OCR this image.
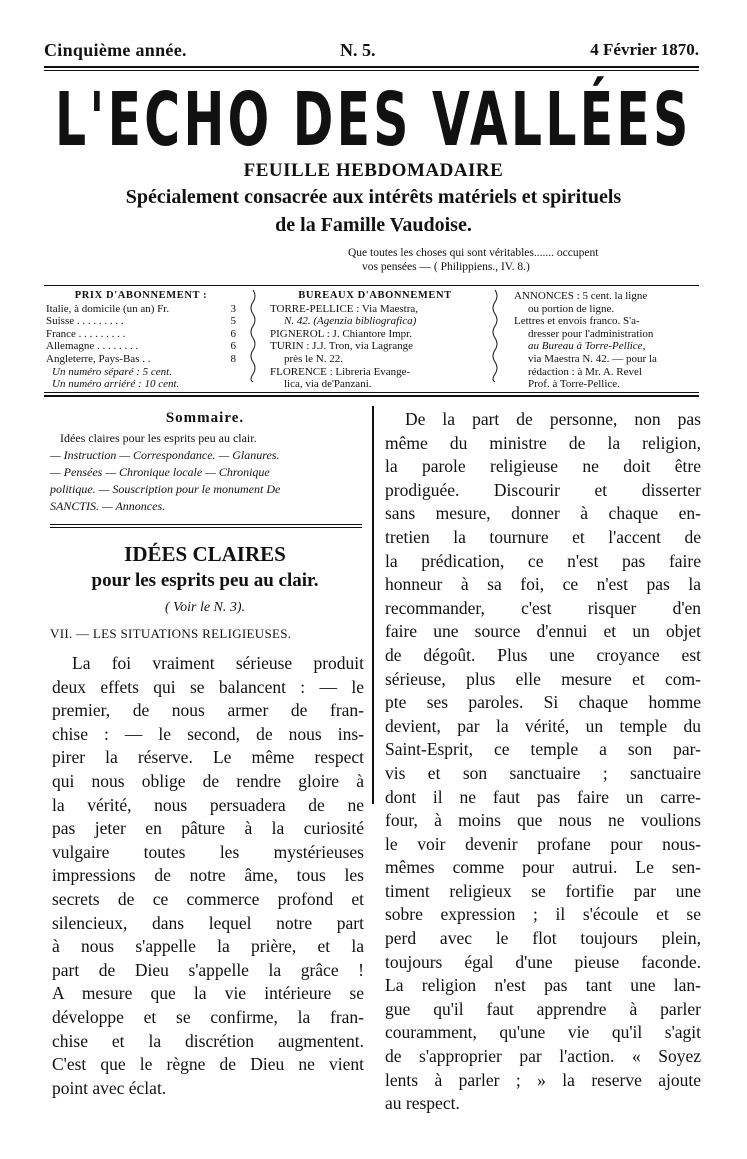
Cinquième année.	N. 5.	4 Février 1870.
L'ECHO DES VALLÉES
FEUILLE HEBDOMADAIRE
Spécialement consacrée aux intérêts matériels et spirituels
de la Famille Vaudoise.
Que toutes les choses qui sont véritables....... occupent
vos pensées — ( Philippiens., IV. 8.)
PRIX D'ABONNEMENT :
Italie, à domicile (un an) Fr.	3
Suisse . . . . . . . . .	5
France . . . . . . . . .	6
Allemagne . . . . . . . .	6
Angleterre, Pays-Bas . .	8
Un numéro séparé : 5 cent.
Un numéro arriéré : 10 cent.
BUREAUX D'ABONNEMENT
TORRE-PELLICE : Via Maestra,
N. 42. (Agenzia bibliografica)
PIGNEROL : J. Chiantore Impr.
TURIN : J.J. Tron, via Lagrange
près le N. 22.
FLORENCE : Libreria Evange-
lica, via de'Panzani.
ANNONCES : 5 cent. la ligne
ou portion de ligne.
Lettres et envois franco. S'a-
dresser pour l'administration
au Bureau à Torre-Pellice,
via Maestra N. 42. — pour la
rédaction : à Mr. A. Revel
Prof. à Torre-Pellice.
Sommaire.
Idées claires pour les esprits peu au clair.
— Instruction — Correspondance. — Glanures.
— Pensées — Chronique locale — Chronique
politique. — Souscription pour le monument De
SANCTIS. — Annonces.
IDÉES CLAIRES
pour les esprits peu au clair.
( Voir le N. 3).
VII. — LES SITUATIONS RELIGIEUSES.
La foi vraiment sérieuse produit
deux effets qui se balancent : — le
premier, de nous armer de fran-
chise : — le second, de nous ins-
pirer la réserve. Le même respect
qui nous oblige de rendre gloire à
la vérité, nous persuadera de ne
pas jeter en pâture à la curiosité
vulgaire toutes les mystérieuses
impressions de notre âme, tous les
secrets de ce commerce profond et
silencieux, dans lequel notre part
à nous s'appelle la prière, et la
part de Dieu s'appelle la grâce !
A mesure que la vie intérieure se
développe et se confirme, la fran-
chise et la discrétion augmentent.
C'est que le règne de Dieu ne vient
point avec éclat.
De la part de personne, non pas
même du ministre de la religion,
la parole religieuse ne doit être
prodiguée. Discourir et disserter
sans mesure, donner à chaque en-
tretien la tournure et l'accent de
la prédication, ce n'est pas faire
honneur à sa foi, ce n'est pas la
recommander, c'est risquer d'en
faire une source d'ennui et un objet
de dégoût. Plus une croyance est
sérieuse, plus elle mesure et com-
pte ses paroles. Si chaque homme
devient, par la vérité, un temple du
Saint-Esprit, ce temple a son par-
vis et son sanctuaire ; sanctuaire
dont il ne faut pas faire un carre-
four, à moins que nous ne voulions
le voir devenir profane pour nous-
mêmes comme pour autrui. Le sen-
timent religieux se fortifie par une
sobre expression ; il s'écoule et se
perd avec le flot toujours plein,
toujours égal d'une pieuse faconde.
La religion n'est pas tant une lan-
gue qu'il faut apprendre à parler
couramment, qu'une vie qu'il s'agit
de s'approprier par l'action. « Soyez
lents à parler ; » la reserve ajoute
au respect.
